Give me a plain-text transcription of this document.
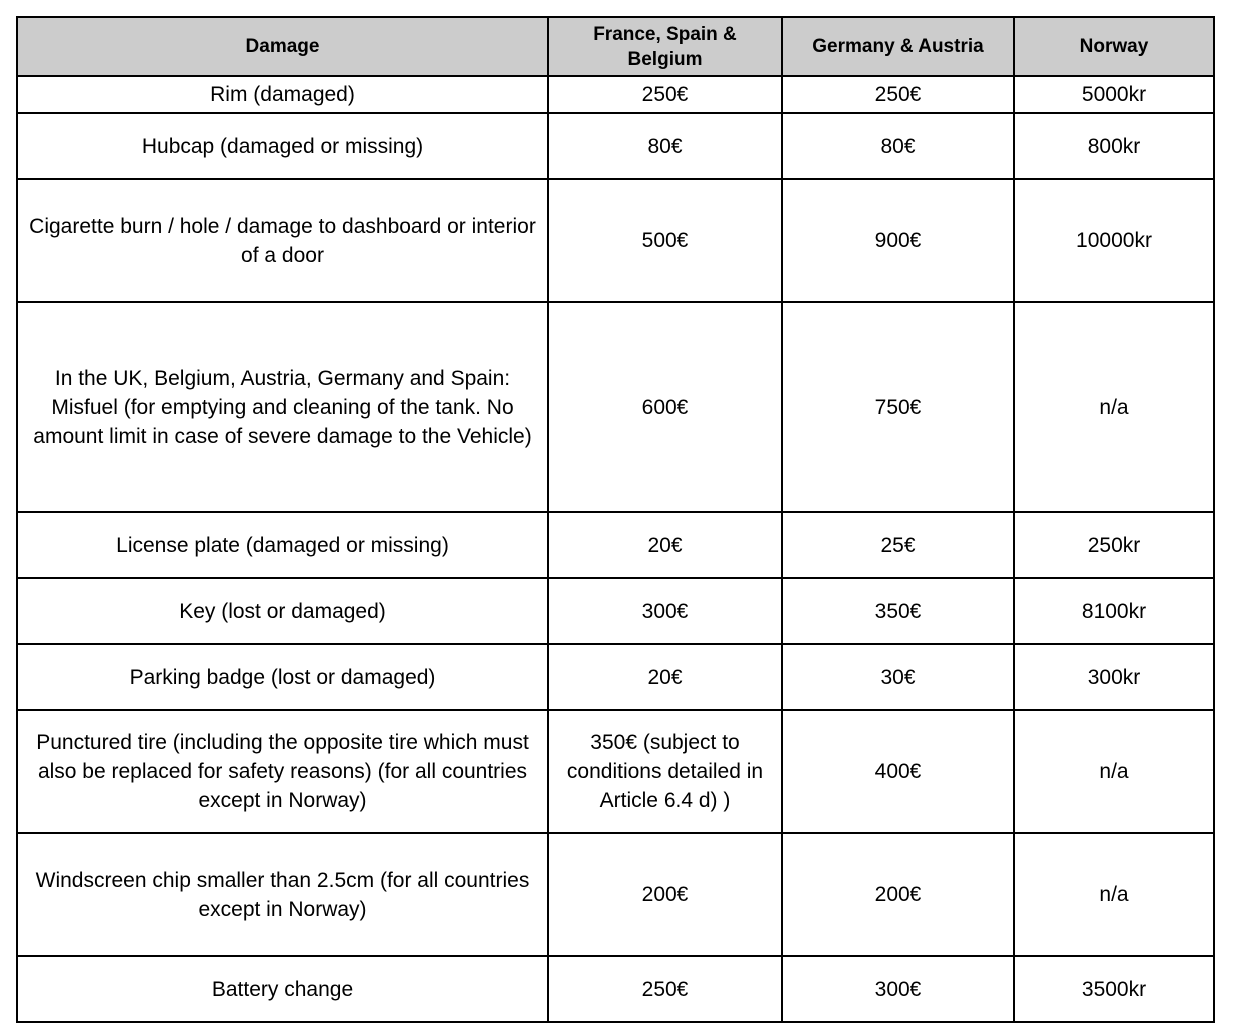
Damage	France, Spain & Belgium	Germany & Austria	Norway
Rim (damaged)	250€	250€	5000kr
Hubcap (damaged or missing)	80€	80€	800kr
Cigarette burn / hole / damage to dashboard or interior of a door	500€	900€	10000kr
In the UK, Belgium, Austria, Germany and Spain: Misfuel (for emptying and cleaning of the tank. No amount limit in case of severe damage to the Vehicle)	600€	750€	n/a
License plate (damaged or missing)	20€	25€	250kr
Key (lost or damaged)	300€	350€	8100kr
Parking badge (lost or damaged)	20€	30€	300kr
Punctured tire (including the opposite tire which must also be replaced for safety reasons) (for all countries except in Norway)	350€ (subject to conditions detailed in Article 6.4 d) )	400€	n/a
Windscreen chip smaller than 2.5cm (for all countries except in Norway)	200€	200€	n/a
Battery change	250€	300€	3500kr
